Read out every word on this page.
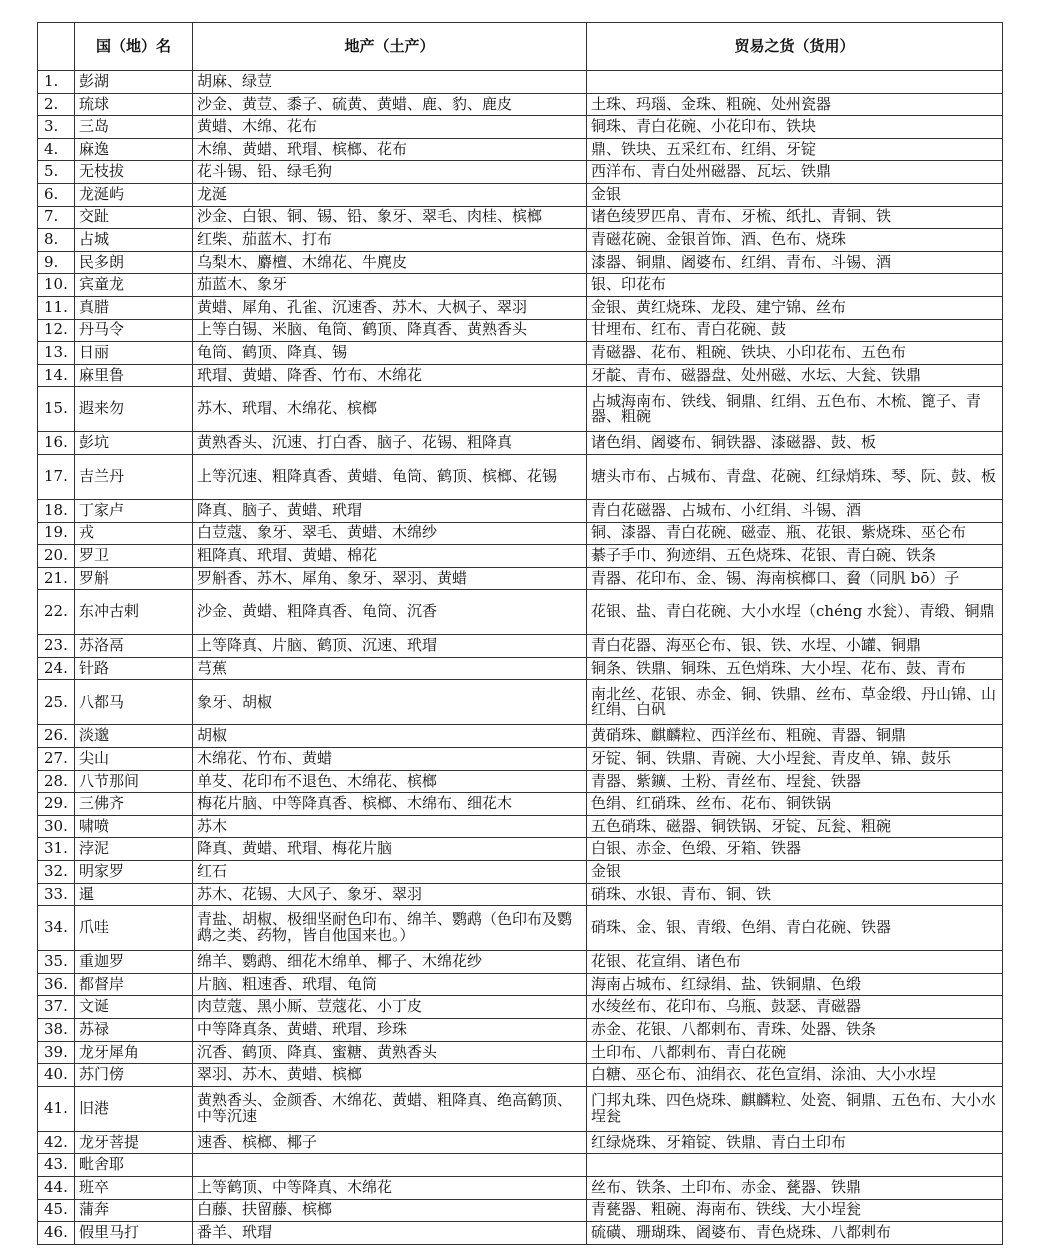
	国（地）名	地产（土产）	贸易之货（货用）
1.	彭湖	胡麻、绿荳	
2.	琉球	沙金、黄荳、黍子、硫黄、黄蜡、鹿、豹、鹿皮	土珠、玛瑙、金珠、粗碗、处州瓷器
3.	三岛	黄蜡、木绵、花布	铜珠、青白花碗、小花印布、铁块
4.	麻逸	木绵、黄蜡、玳瑁、槟榔、花布	鼎、铁块、五采红布、红绢、牙锭
5.	无枝拔	花斗锡、铅、绿毛狗	西洋布、青白处州磁器、瓦坛、铁鼎
6.	龙涎屿	龙涎	金银
7.	交趾	沙金、白银、铜、锡、铅、象牙、翠毛、肉桂、槟榔	诸色绫罗匹帛、青布、牙梳、纸扎、青铜、铁
8.	占城	红柴、茄蓝木、打布	青磁花碗、金银首饰、酒、色布、烧珠
9.	民多朗	乌梨木、麝檀、木绵花、牛麂皮	漆器、铜鼎、阇婆布、红绢、青布、斗锡、酒
10.	宾童龙	茄蓝木、象牙	银、印花布
11.	真腊	黄蜡、犀角、孔雀、沉速香、苏木、大枫子、翠羽	金银、黄红烧珠、龙段、建宁锦、丝布
12.	丹马令	上等白锡、米脑、龟筒、鹤顶、降真香、黄熟香头	甘埋布、红布、青白花碗、鼓
13.	日丽	龟筒、鹤顶、降真、锡	青磁器、花布、粗碗、铁块、小印花布、五色布
14.	麻里鲁	玳瑁、黄蜡、降香、竹布、木绵花	牙靛、青布、磁器盘、处州磁、水坛、大瓮、铁鼎
15.	遐来勿	苏木、玳瑁、木绵花、槟榔	占城海南布、铁线、铜鼎、红绢、五色布、木梳、篦子、青器、粗碗
16.	彭坑	黄熟香头、沉速、打白香、脑子、花锡、粗降真	诸色绢、阇婆布、铜铁器、漆磁器、鼓、板
17.	吉兰丹	上等沉速、粗降真香、黄蜡、龟筒、鹤顶、槟榔、花锡	塘头市布、占城布、青盘、花碗、红绿焇珠、琴、阮、鼓、板
18.	丁家卢	降真、脑子、黄蜡、玳瑁	青白花磁器、占城布、小红绢、斗锡、酒
19.	戎	白荳蔻、象牙、翠毛、黄蜡、木绵纱	铜、漆器、青白花碗、磁壶、瓶、花银、紫烧珠、巫仑布
20.	罗卫	粗降真、玳瑁、黄蜡、棉花	綦子手巾、狗迹绢、五色烧珠、花银、青白碗、铁条
21.	罗斛	罗斛香、苏木、犀角、象牙、翠羽、黄蜡	青器、花印布、金、锡、海南槟榔口、䝱（同䏎 bō）子
22.	东冲古剌	沙金、黄蜡、粗降真香、龟筒、沉香	花银、盐、青白花碗、大小水埕（chéng 水瓮）、青缎、铜鼎
23.	苏洛鬲	上等降真、片脑、鹤顶、沉速、玳瑁	青白花器、海巫仑布、银、铁、水埕、小罐、铜鼎
24.	针路	芎蕉	铜条、铁鼎、铜珠、五色焇珠、大小埕、花布、鼓、青布
25.	八都马	象牙、胡椒	南北丝、花银、赤金、铜、铁鼎、丝布、草金缎、丹山锦、山红绢、白矾
26.	淡邈	胡椒	黄硝珠、麒麟粒、西洋丝布、粗碗、青器、铜鼎
27.	尖山	木绵花、竹布、黄蜡	牙锭、铜、铁鼎、青碗、大小埕瓮、青皮单、锦、鼓乐
28.	八节那间	单䒘、花印布不退色、木绵花、槟榔	青器、紫鑛、土粉、青丝布、埕瓮、铁器
29.	三佛齐	梅花片脑、中等降真香、槟榔、木绵布、细花木	色绢、红硝珠、丝布、花布、铜铁锅
30.	啸喷	苏木	五色硝珠、磁器、铜铁锅、牙锭、瓦瓮、粗碗
31.	浡泥	降真、黄蜡、玳瑁、梅花片脑	白银、赤金、色缎、牙箱、铁器
32.	明家罗	红石	金银
33.	暹	苏木、花锡、大风子、象牙、翠羽	硝珠、水银、青布、铜、铁
34.	爪哇	青盐、胡椒、极细坚耐色印布、绵羊、鹦鹉（色印布及鹦鹉之类、药物，皆自他国来也。）	硝珠、金、银、青缎、色绢、青白花碗、铁器
35.	重迦罗	绵羊、鹦鹉、细花木绵单、椰子、木绵花纱	花银、花宣绢、诸色布
36.	都督岸	片脑、粗速香、玳瑁、龟筒	海南占城布、红绿绢、盐、铁铜鼎、色缎
37.	文诞	肉荳蔻、黑小厮、荳蔻花、小丁皮	水绫丝布、花印布、乌瓶、鼓瑟、青磁器
38.	苏禄	中等降真条、黄蜡、玳瑁、珍珠	赤金、花银、八都剌布、青珠、处器、铁条
39.	龙牙犀角	沉香、鹤顶、降真、蜜糖、黄熟香头	土印布、八都剌布、青白花碗
40.	苏门傍	翠羽、苏木、黄蜡、槟榔	白糖、巫仑布、油绢衣、花色宣绢、涂油、大小水埕
41.	旧港	黄熟香头、金颜香、木绵花、黄蜡、粗降真、绝高鹤顶、中等沉速	门邦丸珠、四色烧珠、麒麟粒、处瓷、铜鼎、五色布、大小水埕瓮
42.	龙牙菩提	速香、槟榔、椰子	红绿烧珠、牙箱锭、铁鼎、青白土印布
43.	毗舍耶		
44.	班卒	上等鹤顶、中等降真、木绵花	丝布、铁条、土印布、赤金、甆器、铁鼎
45.	蒲奔	白藤、扶留藤、槟榔	青甆器、粗碗、海南布、铁线、大小埕瓮
46.	假里马打	番羊、玳瑁	硫磺、珊瑚珠、阇婆布、青色烧珠、八都剌布
